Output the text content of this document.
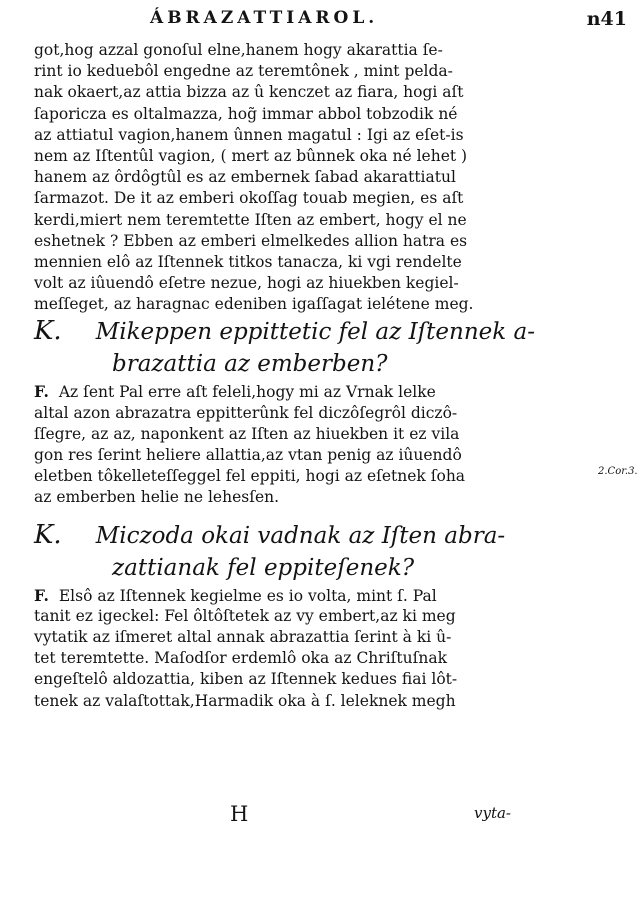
ÁBRAZATTIAROL.	n41
got,hog azzal gonoſul elne,hanem hogy akarattia ſe-
rint io keduebôl engedne az teremtônek , mint pelda-
nak okaert,az attia bizza az û kenczet az fiara, hogi aſt
ſaporicza es oltalmazza, hog̃ immar abbol tobzodik né
az attiatul vagion,hanem ûnnen magatul : Igi az eſet-is
nem az Iſtentûl vagion, ( mert az bûnnek oka né lehet )
hanem az ôrdôgtûl es az embernek ſabad akarattiatul
ſarmazot. De it az emberi okoſſag touab megien, es aſt
kerdi,miert nem teremtette Iſten az embert, hogy el ne
eshetnek ? Ebben az emberi elmelkedes allion hatra es
mennien elô az Iſtennek titkos tanacza, ki vgi rendelte
volt az iûuendô eſetre nezue, hogi az hiuekben kegiel-
meſſeget, az haragnac edeniben igaſſagat ielétene meg.
K. Mikeppen eppittetic fel az Iſtennek a-
brazattia az emberben?
F. Az ſent Pal erre aſt feleli,hogy mi az Vrnak lelke
altal azon abrazatra eppitterûnk fel diczôſegrôl diczô-
ſſegre, az az, naponkent az Iſten az hiuekben it ez vila
gon res ſerint heliere allattia,az vtan penig az iûuendô
eletben tôkelleteſſeggel fel eppiti, hogi az eſetnek ſoha
az emberben helie ne lehesſen.
K. Miczoda okai vadnak az Iſten abra-
zattianak fel eppiteſenek?
F. Elsô az Iſtennek kegielme es io volta, mint ſ. Pal
tanit ez igeckel: Fel ôltôſtetek az vy embert,az ki meg
vytatik az iſmeret altal annak abrazattia ſerint à ki û-
tet teremtette. Maſodſor erdemlô oka az Chriſtuſnak
engeſtelô aldozattia, kiben az Iſtennek kedues fiai lôt-
tenek az valaſtottak,Harmadik oka à ſ. leleknek megh
2.Cor.3.
H	vyta-
